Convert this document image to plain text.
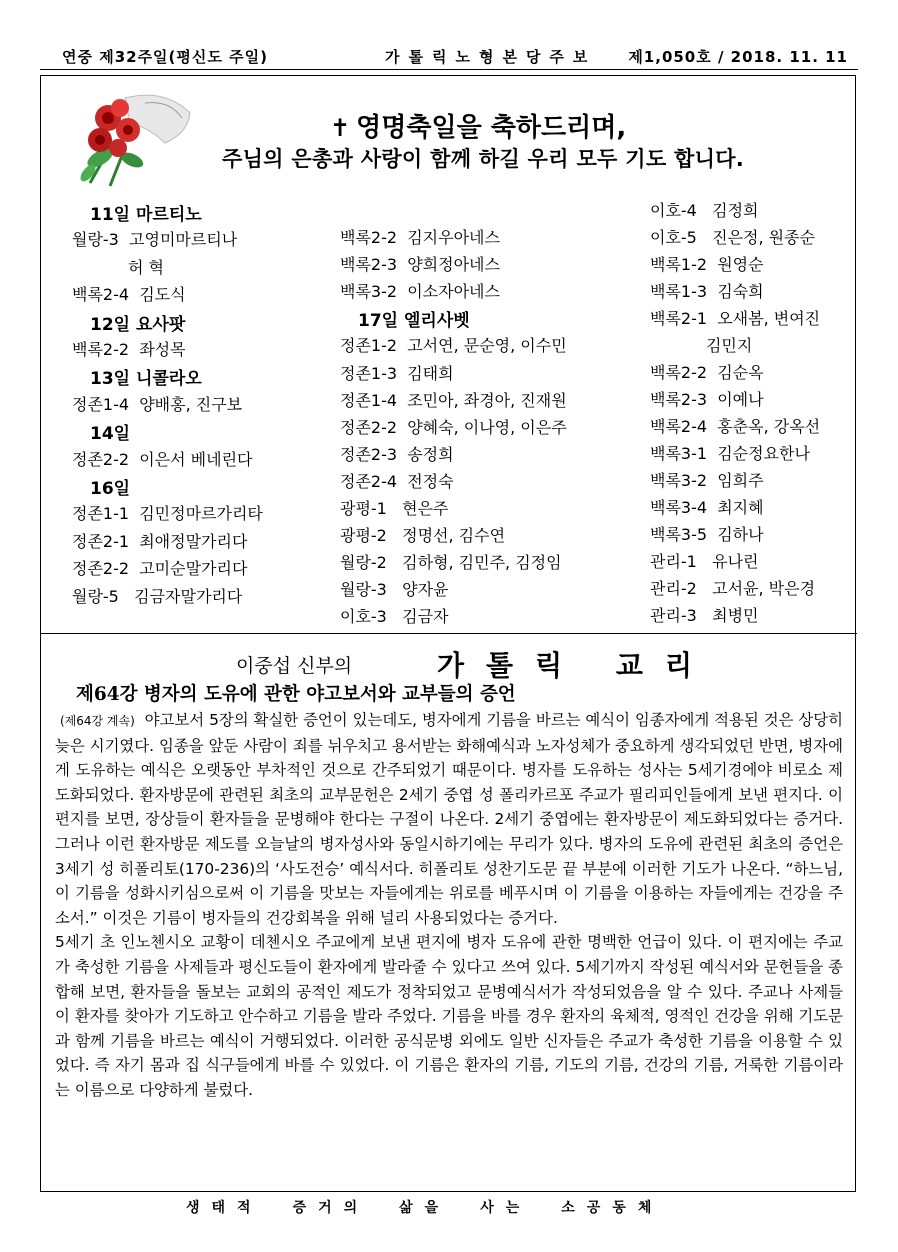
연중 제32주일(평신도 주일)	가톨릭노형본당주보 제1,050호 / 2018. 11. 11
✝ 영명축일을 축하드리며,
주님의 은총과 사랑이 함께 하길 우리 모두 기도 합니다.
11일 마르티노
월랑-3  고영미마르티나
허 혁
백록2-4  김도식
12일 요사팟
백록2-2  좌성목
13일 니콜라오
정존1-4  양배홍, 진구보
14일
정존2-2  이은서 베네린다
16일
정존1-1  김민정마르가리타
정존2-1  최애정말가리다
정존2-2  고미순말가리다
월랑-5   김금자말가리다
백록2-2  김지우아네스
백록2-3  양희정아네스
백록3-2  이소자아네스
17일 엘리사벳
정존1-2  고서연, 문순영, 이수민
정존1-3  김태희
정존1-4  조민아, 좌경아, 진재원
정존2-2  양혜숙, 이나영, 이은주
정존2-3  송정희
정존2-4  전정숙
광평-1   현은주
광평-2   정명선, 김수연
월랑-2   김하형, 김민주, 김정임
월랑-3   양자윤
이호-3   김금자
이호-4   김정희
이호-5   진은정, 원종순
백록1-2  원영순
백록1-3  김숙희
백록2-1  오새봄, 변여진
김민지
백록2-2  김순옥
백록2-3  이예나
백록2-4  홍춘옥, 강옥선
백록3-1  김순정요한나
백록3-2  임희주
백록3-4  최지혜
백록3-5  김하나
관리-1   유나린
관리-2   고서윤, 박은경
관리-3   최병민
이중섭 신부의	가톨릭 교리
제64강 병자의 도유에 관한 야고보서와 교부들의 증언

(제64강 계속) 야고보서 5장의 확실한 증언이 있는데도, 병자에게 기름을 바르는 예식이 임종자에게 적용된 것은 상당히 늦은 시기였다. 임종을 앞둔 사람이 죄를 뉘우치고 용서받는 화해예식과 노자성체가 중요하게 생각되었던 반면, 병자에게 도유하는 예식은 오랫동안 부차적인 것으로 간주되었기 때문이다. 병자를 도유하는 성사는 5세기경에야 비로소 제도화되었다. 환자방문에 관련된 최초의 교부문헌은 2세기 중엽 성 폴리카르포 주교가 필리피인들에게 보낸 편지다. 이 편지를 보면, 장상들이 환자들을 문병해야 한다는 구절이 나온다. 2세기 중엽에는 환자방문이 제도화되었다는 증거다. 그러나 이런 환자방문 제도를 오늘날의 병자성사와 동일시하기에는 무리가 있다. 병자의 도유에 관련된 최초의 증언은 3세기 성 히폴리토(170-236)의 ‘사도전승’ 예식서다. 히폴리토 성찬기도문 끝 부분에 이러한 기도가 나온다. “하느님, 이 기름을 성화시키심으로써 이 기름을 맛보는 자들에게는 위로를 베푸시며 이 기름을 이용하는 자들에게는 건강을 주소서.” 이것은 기름이 병자들의 건강회복을 위해 널리 사용되었다는 증거다.

5세기 초 인노첸시오 교황이 데첸시오 주교에게 보낸 편지에 병자 도유에 관한 명백한 언급이 있다. 이 편지에는 주교가 축성한 기름을 사제들과 평신도들이 환자에게 발라줄 수 있다고 쓰여 있다. 5세기까지 작성된 예식서와 문헌들을 종합해 보면, 환자들을 돌보는 교회의 공적인 제도가 정착되었고 문병예식서가 작성되었음을 알 수 있다. 주교나 사제들이 환자를 찾아가 기도하고 안수하고 기름을 발라 주었다. 기름을 바를 경우 환자의 육체적, 영적인 건강을 위해 기도문과 함께 기름을 바르는 예식이 거행되었다. 이러한 공식문병 외에도 일반 신자들은 주교가 축성한 기름을 이용할 수 있었다. 즉 자기 몸과 집 식구들에게 바를 수 있었다. 이 기름은 환자의 기름, 기도의 기름, 건강의 기름, 거룩한 기름이라는 이름으로 다양하게 불렀다.

생태적 증거의 삶을 사는 소공동체
